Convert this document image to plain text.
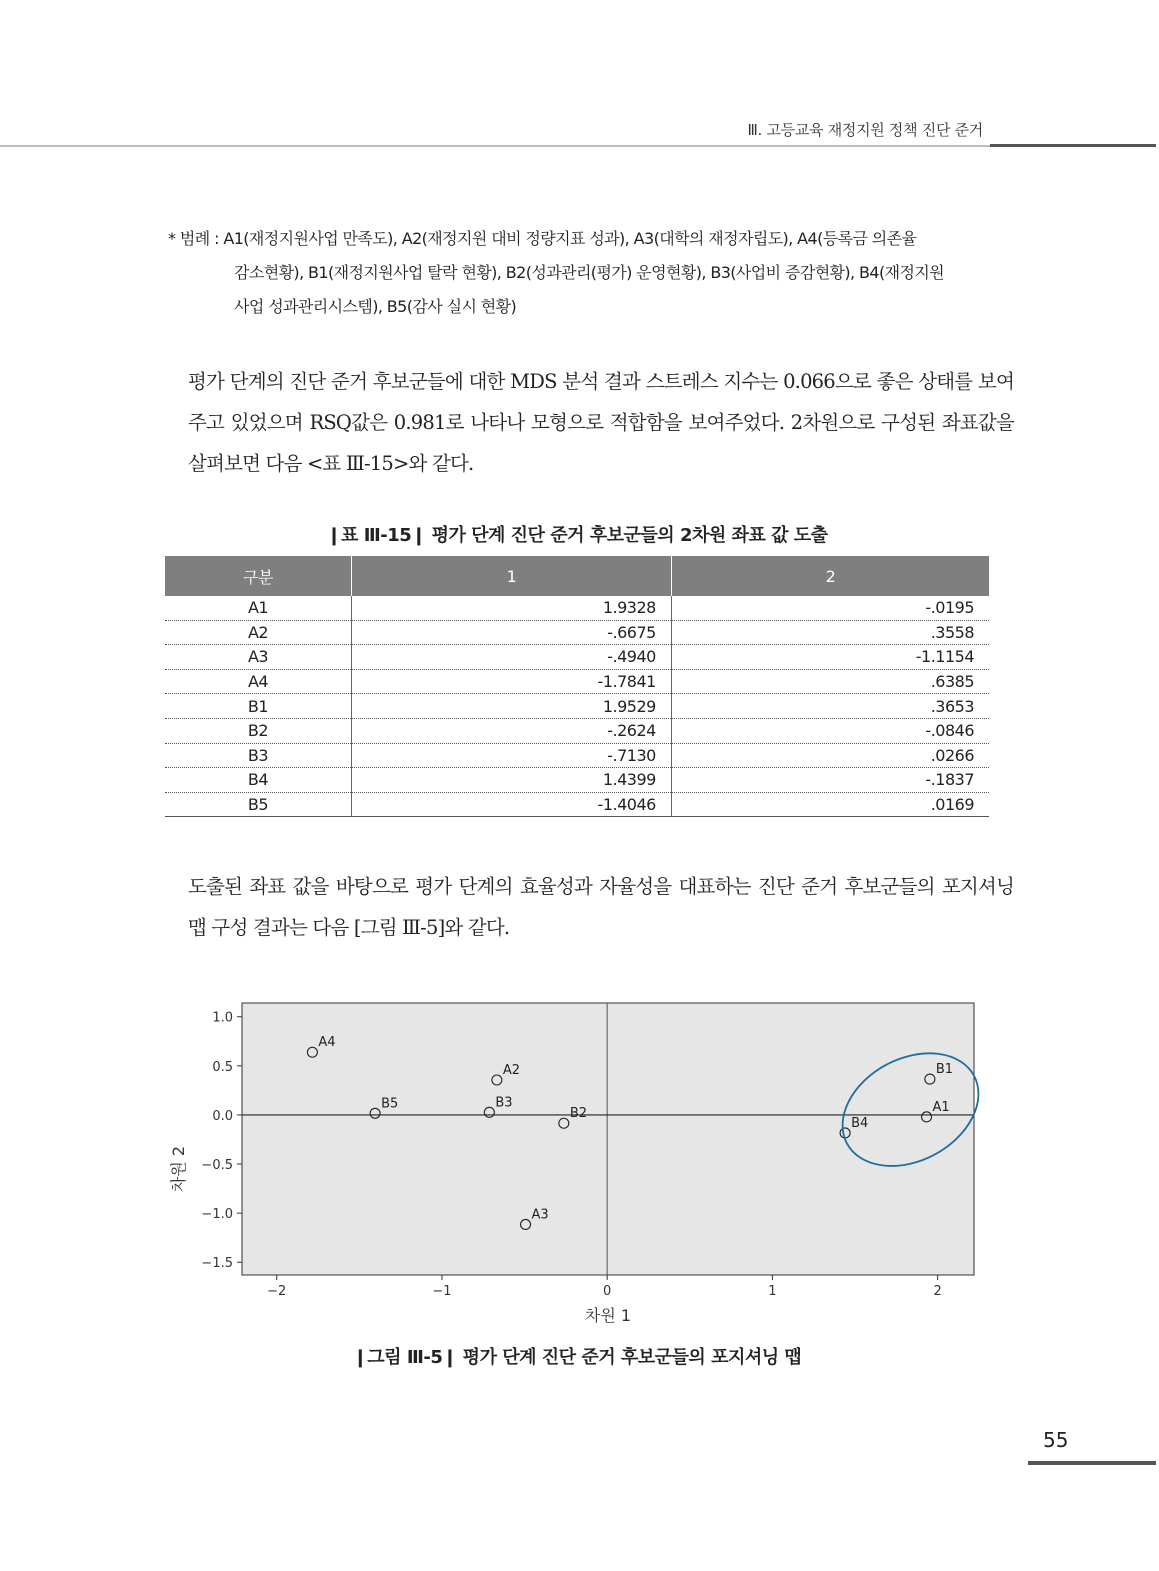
Ⅲ. 고등교육 재정지원 정책 진단 준거
* 범례 : A1(재정지원사업 만족도), A2(재정지원 대비 정량지표 성과), A3(대학의 재정자립도), A4(등록금 의존율
감소현황), B1(재정지원사업 탈락 현황), B2(성과관리(평가) 운영현황), B3(사업비 증감현황), B4(재정지원
사업 성과관리시스템), B5(감사 실시 현황)
평가 단계의 진단 준거 후보군들에 대한 MDS 분석 결과 스트레스 지수는 0.066으로 좋은 상태를 보여주고 있었으며 RSQ값은 0.981로 나타나 모형으로 적합함을 보여주었다. 2차원으로 구성된 좌표값을 살펴보면 다음 <표 Ⅲ-15>와 같다.
❙표 Ⅲ-15❙ 평가 단계 진단 준거 후보군들의 2차원 좌표 값 도출
구분	1	2
A1	1.9328	-.0195
A2	-.6675	.3558
A3	-.4940	-1.1154
A4	-1.7841	.6385
B1	1.9529	.3653
B2	-.2624	-.0846
B3	-.7130	.0266
B4	1.4399	-.1837
B5	-1.4046	.0169
도출된 좌표 값을 바탕으로 평가 단계의 효율성과 자율성을 대표하는 진단 준거 후보군들의 포지셔닝 맵 구성 결과는 다음 [그림 Ⅲ-5]와 같다.
−2	−1	0	1	2
1.0
0.5
0.0
−0.5
−1.0
−1.5
차원 1
차원 2
A1
A2
A3
A4
B1
B2
B3
B4
B5
❙그림 Ⅲ-5❙ 평가 단계 진단 준거 후보군들의 포지셔닝 맵
55
